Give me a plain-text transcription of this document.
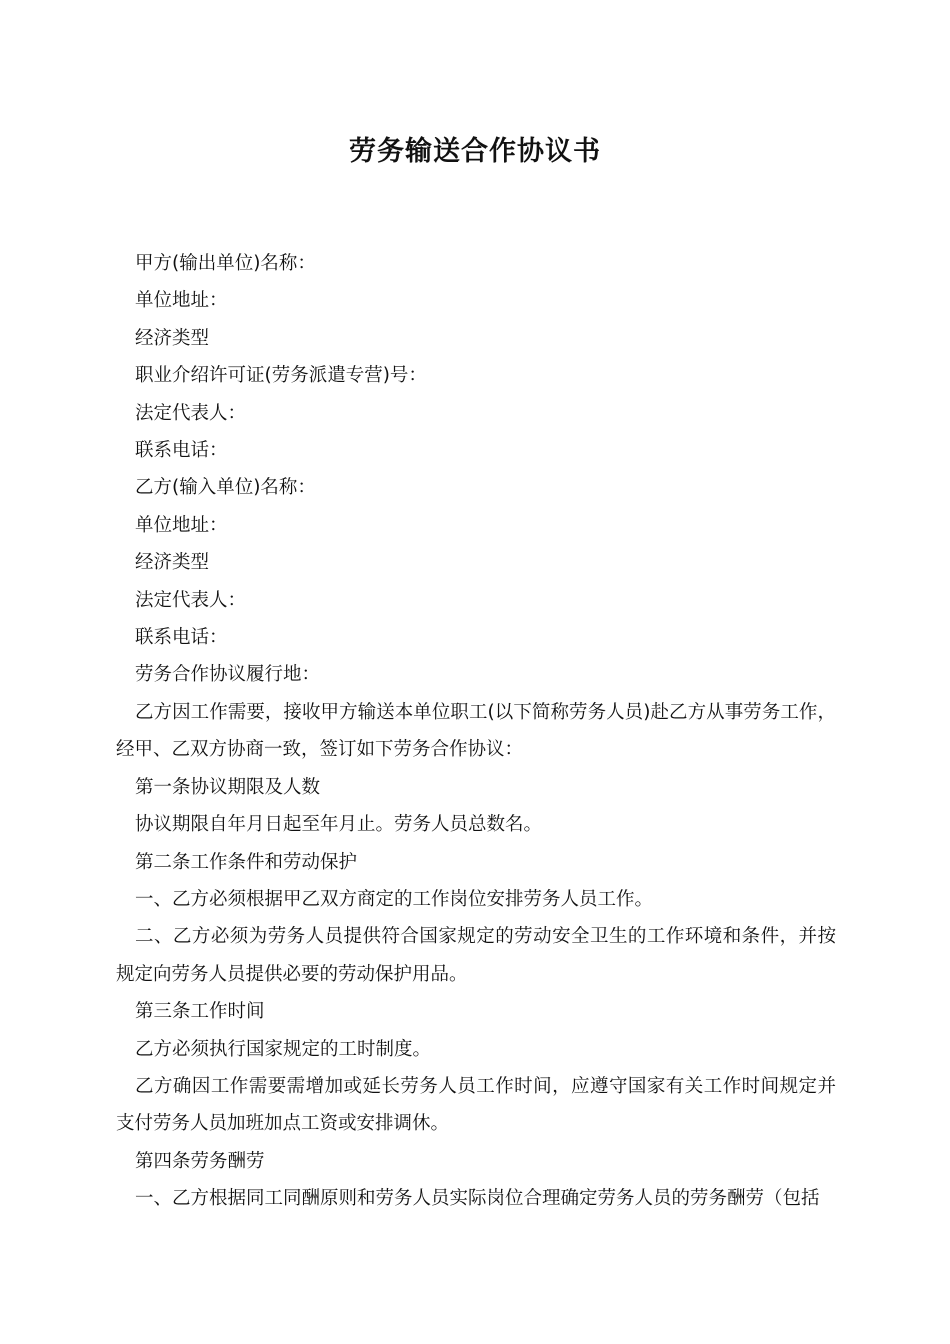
劳务输送合作协议书

甲方(输出单位)名称：

单位地址：

经济类型

职业介绍许可证(劳务派遣专营)号：

法定代表人：

联系电话：

乙方(输入单位)名称：

单位地址：

经济类型

法定代表人：

联系电话：

劳务合作协议履行地：

乙方因工作需要，接收甲方输送本单位职工(以下简称劳务人员)赴乙方从事劳务工作，经甲、乙双方协商一致，签订如下劳务合作协议：

第一条协议期限及人数

协议期限自年月日起至年月止。劳务人员总数名。

第二条工作条件和劳动保护

一、乙方必须根据甲乙双方商定的工作岗位安排劳务人员工作。

二、乙方必须为劳务人员提供符合国家规定的劳动安全卫生的工作环境和条件，并按规定向劳务人员提供必要的劳动保护用品。

第三条工作时间

乙方必须执行国家规定的工时制度。

乙方确因工作需要需增加或延长劳务人员工作时间，应遵守国家有关工作时间规定并支付劳务人员加班加点工资或安排调休。

第四条劳务酬劳

一、乙方根据同工同酬原则和劳务人员实际岗位合理确定劳务人员的劳务酬劳（包括
